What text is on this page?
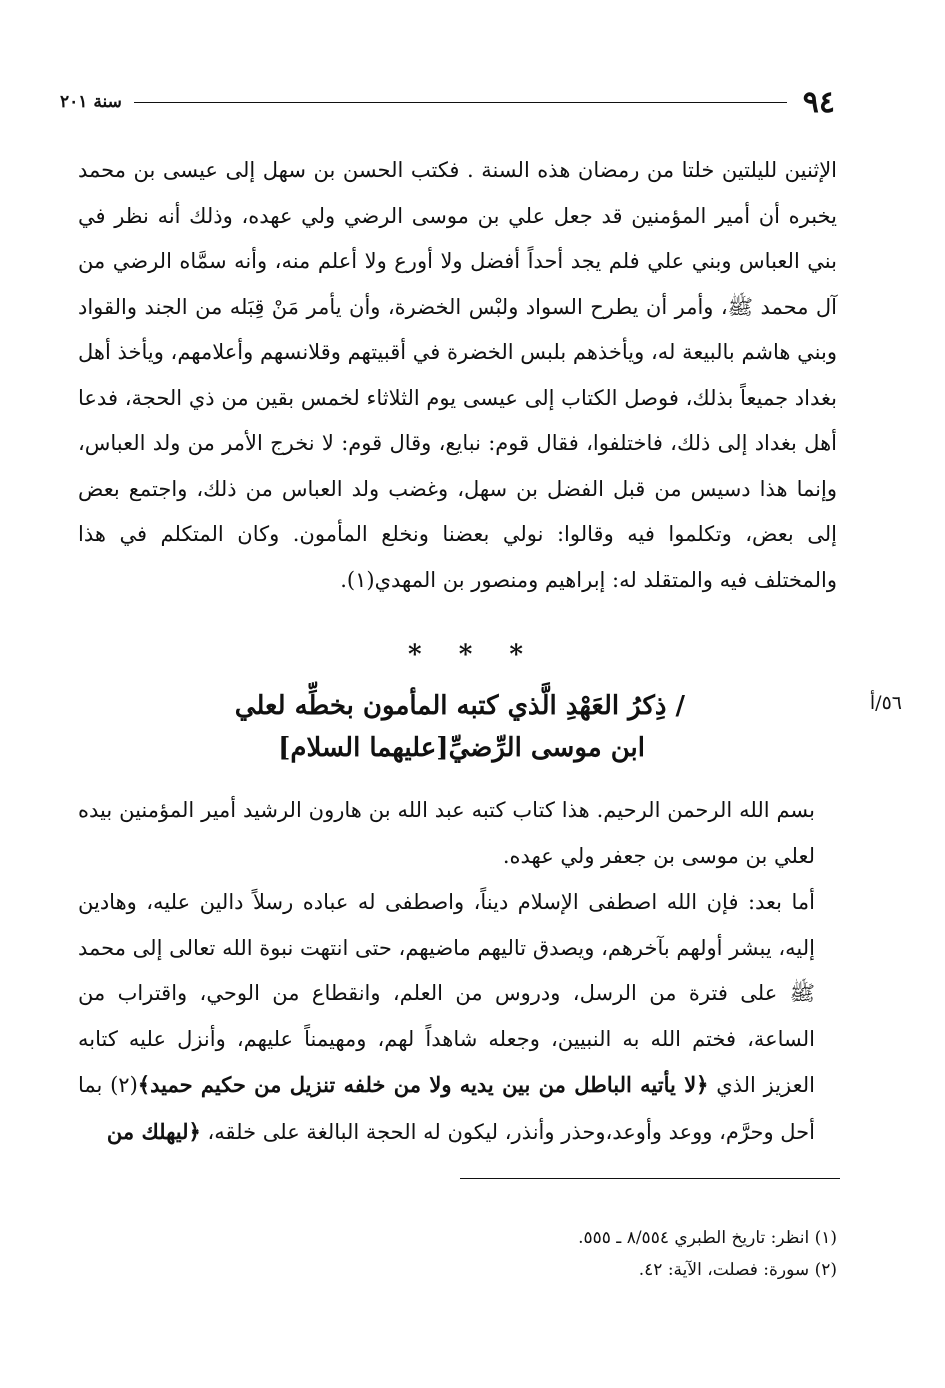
٩٤
سنة ٢٠١
الإثنين لليلتين خلتا من رمضان هذه السنة . فكتب الحسن بن سهل إلى عيسى بن محمد يخبره أن أمير المؤمنين قد جعل علي بن موسى الرضي ولي عهده، وذلك أنه نظر في بني العباس وبني علي فلم يجد أحداً أفضل ولا أورع ولا أعلم منه، وأنه سمَّاه الرضي من آل محمد ﷺ، وأمر أن يطرح السواد ولبْس الخضرة، وأن يأمر مَنْ قِبَله من الجند والقواد وبني هاشم بالبيعة له، ويأخذهم بلبس الخضرة في أقبيتهم وقلانسهم وأعلامهم، ويأخذ أهل بغداد جميعاً بذلك، فوصل الكتاب إلى عيسى يوم الثلاثاء لخمس بقين من ذي الحجة، فدعا أهل بغداد إلى ذلك، فاختلفوا، فقال قوم: نبايع، وقال قوم: لا نخرج الأمر من ولد العباس، وإنما هذا دسيس من قبل الفضل بن سهل، وغضب ولد العباس من ذلك، واجتمع بعض إلى بعض، وتكلموا فيه وقالوا: نولي بعضنا ونخلع المأمون. وكان المتكلم في هذا والمختلف فيه والمتقلد له: إبراهيم ومنصور بن المهدي(١).
* * *
/ ذِكرُ العَهْدِ الَّذي كتبه المأمون بخطِّه لعلي
ابن موسى الرِّضيِّ[عليهما السلام]
٥٦/أ
بسم الله الرحمن الرحيم. هذا كتاب كتبه عبد الله بن هارون الرشيد أمير المؤمنين بيده لعلي بن موسى بن جعفر ولي عهده.
أما بعد: فإن الله اصطفى الإسلام ديناً، واصطفى له عباده رسلاً دالين عليه، وهادين إليه، يبشر أولهم بآخرهم، ويصدق تاليهم ماضيهم، حتى انتهت نبوة الله تعالى إلى محمد ﷺ على فترة من الرسل، ودروس من العلم، وانقطاع من الوحي، واقتراب من الساعة، فختم الله به النبيين، وجعله شاهداً لهم، ومهيمناً عليهم، وأنزل عليه كتابه العزيز الذي ﴿لا يأتيه الباطل من بين يديه ولا من خلفه تنزيل من حكيم حميد﴾(٢) بما أحل وحرَّم، ووعد وأوعد،وحذر وأنذر، ليكون له الحجة البالغة على خلقه، ﴿ليهلك من
(١) انظر: تاريخ الطبري ٨/٥٥٤ ـ ٥٥٥.
(٢) سورة: فصلت، الآية: ٤٢.
